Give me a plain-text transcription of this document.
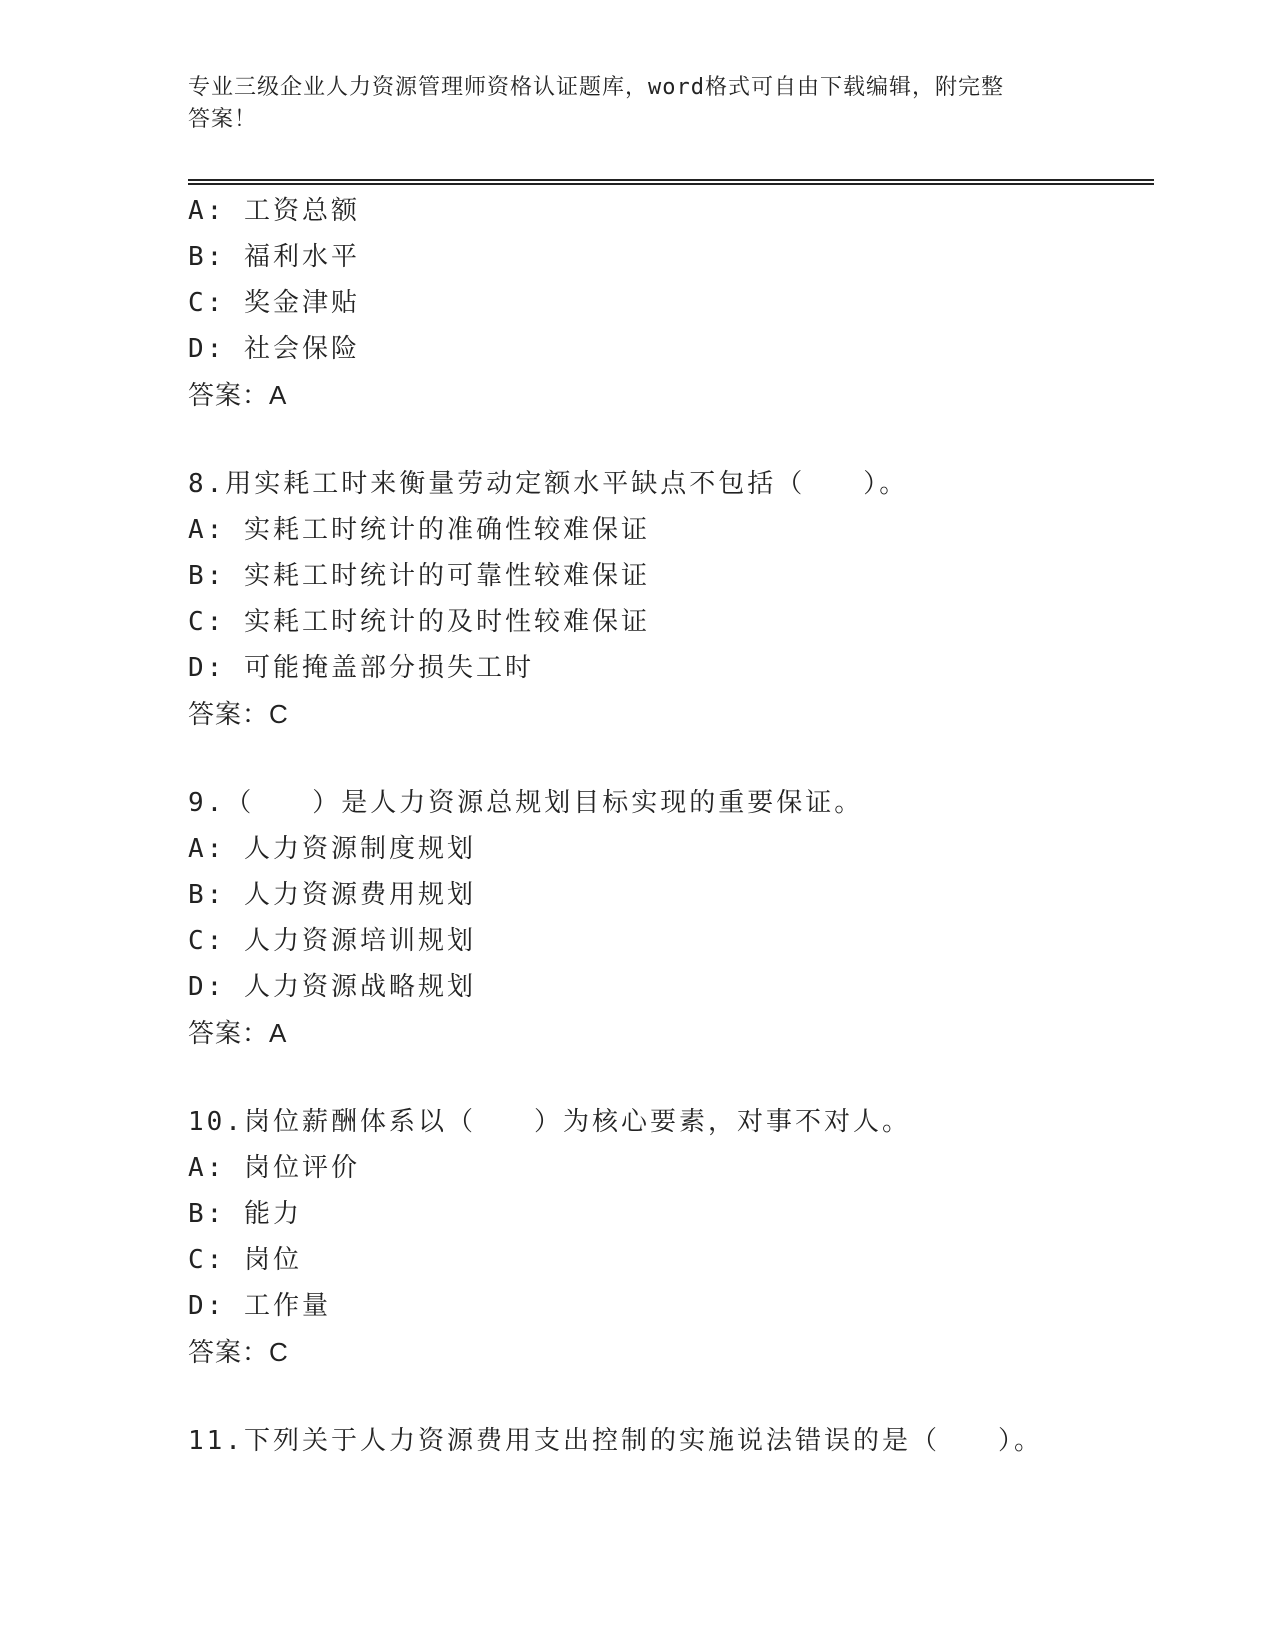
专业三级企业人力资源管理师资格认证题库，word格式可自由下载编辑，附完整
答案！
A: 工资总额
B: 福利水平
C: 奖金津贴
D: 社会保险
答案：A
8.用实耗工时来衡量劳动定额水平缺点不包括（　　）。
A: 实耗工时统计的准确性较难保证
B: 实耗工时统计的可靠性较难保证
C: 实耗工时统计的及时性较难保证
D: 可能掩盖部分损失工时
答案：C
9.（　　）是人力资源总规划目标实现的重要保证。
A: 人力资源制度规划
B: 人力资源费用规划
C: 人力资源培训规划
D: 人力资源战略规划
答案：A
10.岗位薪酬体系以（　　）为核心要素，对事不对人。
A: 岗位评价
B: 能力
C: 岗位
D: 工作量
答案：C
11.下列关于人力资源费用支出控制的实施说法错误的是（　　）。
